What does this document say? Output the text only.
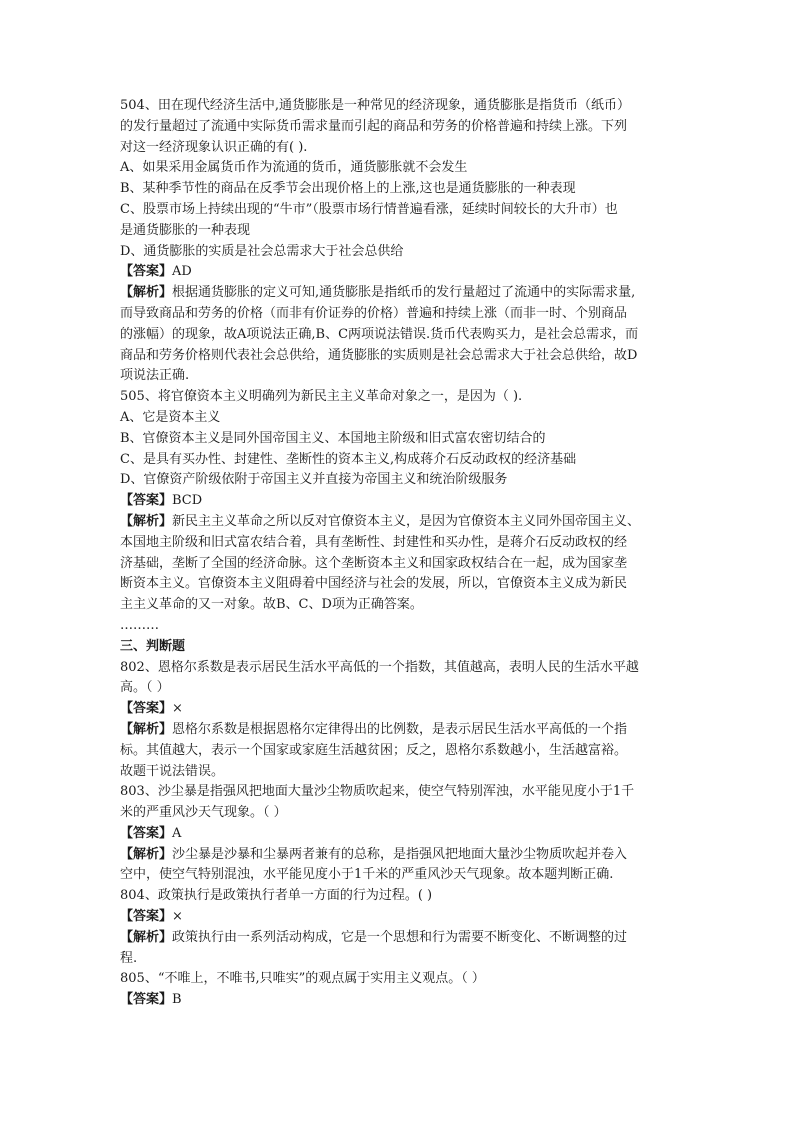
504、田在现代经济生活中,通货膨胀是一种常见的经济现象，通货膨胀是指货币（纸币）
的发行量超过了流通中实际货币需求量而引起的商品和劳务的价格普遍和持续上涨。下列
对这一经济现象认识正确的有( ).
A、如果采用金属货币作为流通的货币，通货膨胀就不会发生
B、某种季节性的商品在反季节会出现价格上的上涨,这也是通货膨胀的一种表现
C、股票市场上持续出现的“牛市”（股票市场行情普遍看涨，延续时间较长的大升市）也
是通货膨胀的一种表现
D、通货膨胀的实质是社会总需求大于社会总供给
【答案】AD
【解析】根据通货膨胀的定义可知,通货膨胀是指纸币的发行量超过了流通中的实际需求量,
而导致商品和劳务的价格（而非有价证券的价格）普遍和持续上涨（而非一时、个别商品
的涨幅）的现象，故A项说法正确,B、C两项说法错误.货币代表购买力，是社会总需求，而
商品和劳务价格则代表社会总供给，通货膨胀的实质则是社会总需求大于社会总供给，故D
项说法正确.
505、将官僚资本主义明确列为新民主主义革命对象之一，是因为（ ).
A、它是资本主义
B、官僚资本主义是同外国帝国主义、本国地主阶级和旧式富农密切结合的
C、是具有买办性、封建性、垄断性的资本主义,构成蒋介石反动政权的经济基础
D、官僚资产阶级依附于帝国主义并直接为帝国主义和统治阶级服务
【答案】BCD
【解析】新民主主义革命之所以反对官僚资本主义，是因为官僚资本主义同外国帝国主义、
本国地主阶级和旧式富农结合着，具有垄断性、封建性和买办性，是蒋介石反动政权的经
济基础，垄断了全国的经济命脉。这个垄断资本主义和国家政权结合在一起，成为国家垄
断资本主义。官僚资本主义阻碍着中国经济与社会的发展，所以，官僚资本主义成为新民
主主义革命的又一对象。故B、C、D项为正确答案。
………
三、判断题
802、恩格尔系数是表示居民生活水平高低的一个指数，其值越高，表明人民的生活水平越
高。（ ）
【答案】×
【解析】恩格尔系数是根据恩格尔定律得出的比例数，是表示居民生活水平高低的一个指
标。其值越大，表示一个国家或家庭生活越贫困；反之，恩格尔系数越小，生活越富裕。
故题干说法错误。
803、沙尘暴是指强风把地面大量沙尘物质吹起来，使空气特别浑浊，水平能见度小于1千
米的严重风沙天气现象。（ ）
【答案】A
【解析】沙尘暴是沙暴和尘暴两者兼有的总称，是指强风把地面大量沙尘物质吹起并卷入
空中，使空气特别混浊，水平能见度小于1千米的严重风沙天气现象。故本题判断正确.
804、政策执行是政策执行者单一方面的行为过程。( )
【答案】×
【解析】政策执行由一系列活动构成，它是一个思想和行为需要不断变化、不断调整的过
程.
805、“不唯上，不唯书,只唯实”的观点属于实用主义观点。（ ）
【答案】B
